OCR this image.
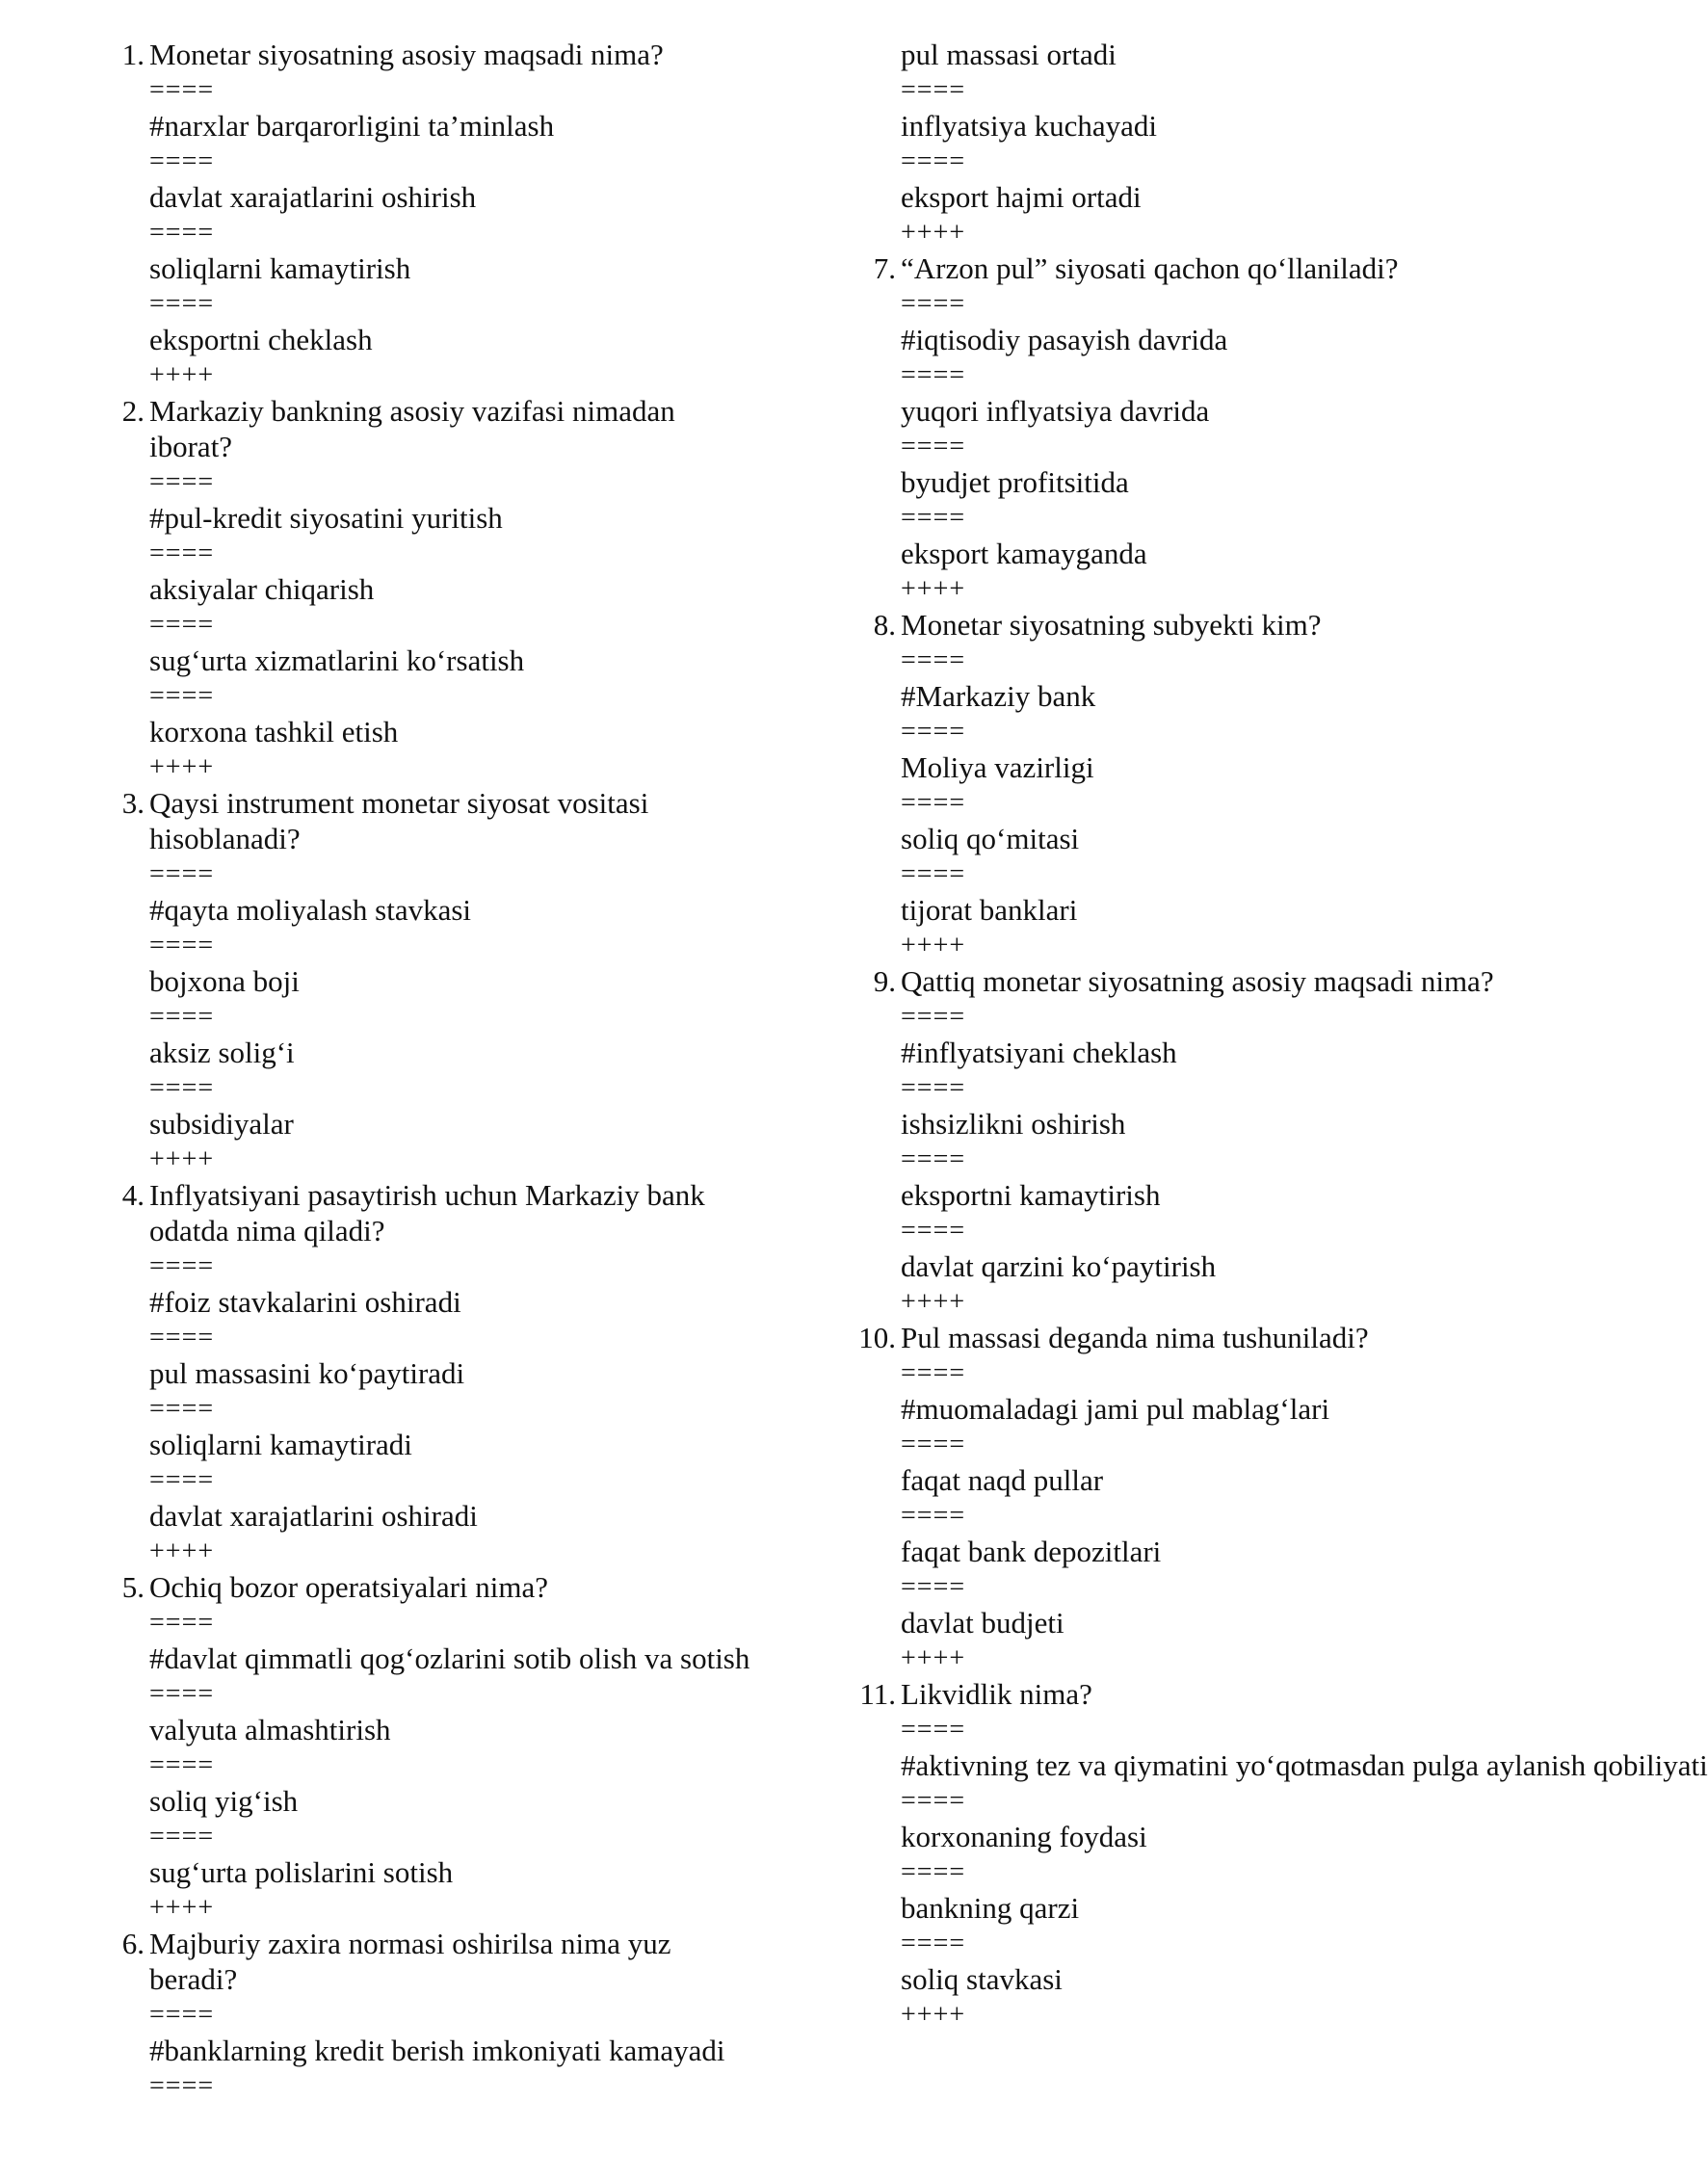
1. Monetar siyosatning asosiy maqsadi nima?
====
#narxlar barqarorligini ta’minlash
====
davlat xarajatlarini oshirish
====
soliqlarni kamaytirish
====
eksportni cheklash
++++
2. Markaziy bankning asosiy vazifasi nimadan iborat?
====
#pul-kredit siyosatini yuritish
====
aksiyalar chiqarish
====
sug‘urta xizmatlarini ko‘rsatish
====
korxona tashkil etish
++++
3. Qaysi instrument monetar siyosat vositasi hisoblanadi?
====
#qayta moliyalash stavkasi
====
bojxona boji
====
aksiz solig‘i
====
subsidiyalar
++++
4. Inflyatsiyani pasaytirish uchun Markaziy bank odatda nima qiladi?
====
#foiz stavkalarini oshiradi
====
pul massasini ko‘paytiradi
====
soliqlarni kamaytiradi
====
davlat xarajatlarini oshiradi
++++
5. Ochiq bozor operatsiyalari nima?
====
#davlat qimmatli qog‘ozlarini sotib olish va sotish
====
valyuta almashtirish
====
soliq yig‘ish
====
sug‘urta polislarini sotish
++++
6. Majburiy zaxira normasi oshirilsa nima yuz beradi?
====
#banklarning kredit berish imkoniyati kamayadi
====
pul massasi ortadi
====
inflyatsiya kuchayadi
====
eksport hajmi ortadi
++++
7. “Arzon pul” siyosati qachon qo‘llaniladi?
====
#iqtisodiy pasayish davrida
====
yuqori inflyatsiya davrida
====
byudjet profitsitida
====
eksport kamayganda
++++
8. Monetar siyosatning subyekti kim?
====
#Markaziy bank
====
Moliya vazirligi
====
soliq qo‘mitasi
====
tijorat banklari
++++
9. Qattiq monetar siyosatning asosiy maqsadi nima?
====
#inflyatsiyani cheklash
====
ishsizlikni oshirish
====
eksportni kamaytirish
====
davlat qarzini ko‘paytirish
++++
10. Pul massasi deganda nima tushuniladi?
====
#muomaladagi jami pul mablag‘lari
====
faqat naqd pullar
====
faqat bank depozitlari
====
davlat budjeti
++++
11. Likvidlik nima?
====
#aktivning tez va qiymatini yo‘qotmasdan pulga aylanish qobiliyati
====
korxonaning foydasi
====
bankning qarzi
====
soliq stavkasi
++++
